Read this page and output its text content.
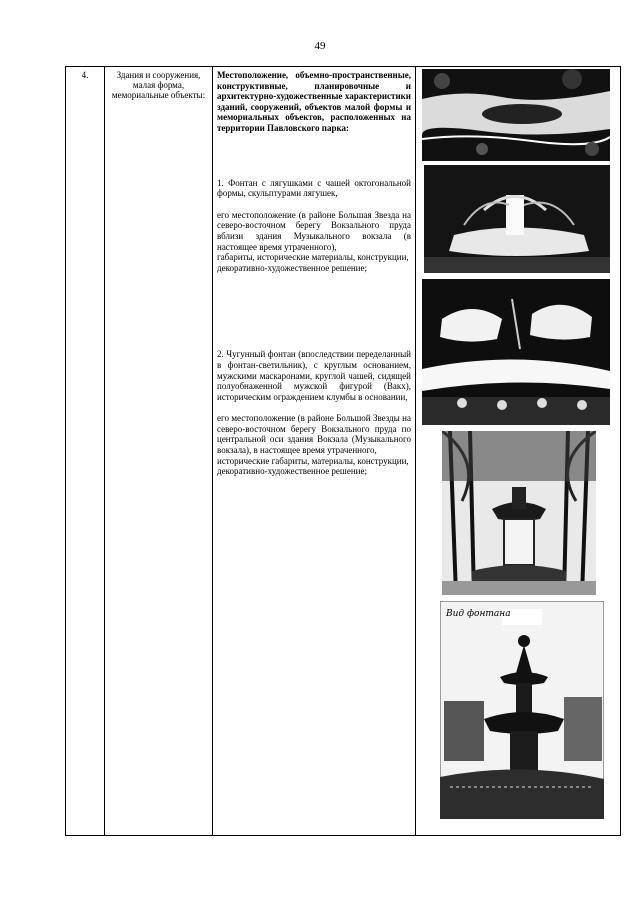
49
4.	Здания и сооружения, малая форма, мемориальные объекты:

Местоположение, объемно-пространственные, конструктивные, планировочные и архитектурно-художественные характеристики зданий, сооружений, объектов малой формы и мемориальных объектов, расположенных на территории Павловского парка:

1. Фонтан с лягушками с чашей октогональной формы, скульптурами лягушек,

его местоположение (в районе Большая Звезда на северо-восточном берегу Вокзального пруда вблизи здания Музыкального вокзала (в настоящее время утраченного),

габариты, исторические материалы, конструкции,

декоративно-художественное решение;

2. Чугунный фонтан (впоследствии переделанный в фонтан-светильник), с круглым основанием, мужскими маскаронами, круглой чашей, сидящей полуобнаженной мужской фигурой (Вакх), историческим ограждением клумбы в основании,

его местоположение (в районе Большой Звезды на северо-восточном берегу Вокзального пруда по центральной оси здания Вокзала (Музыкального вокзала), в настоящее время утраченного,

исторические габариты, материалы, конструкции,

декоративно-художественное решение;

Вид фонтана
